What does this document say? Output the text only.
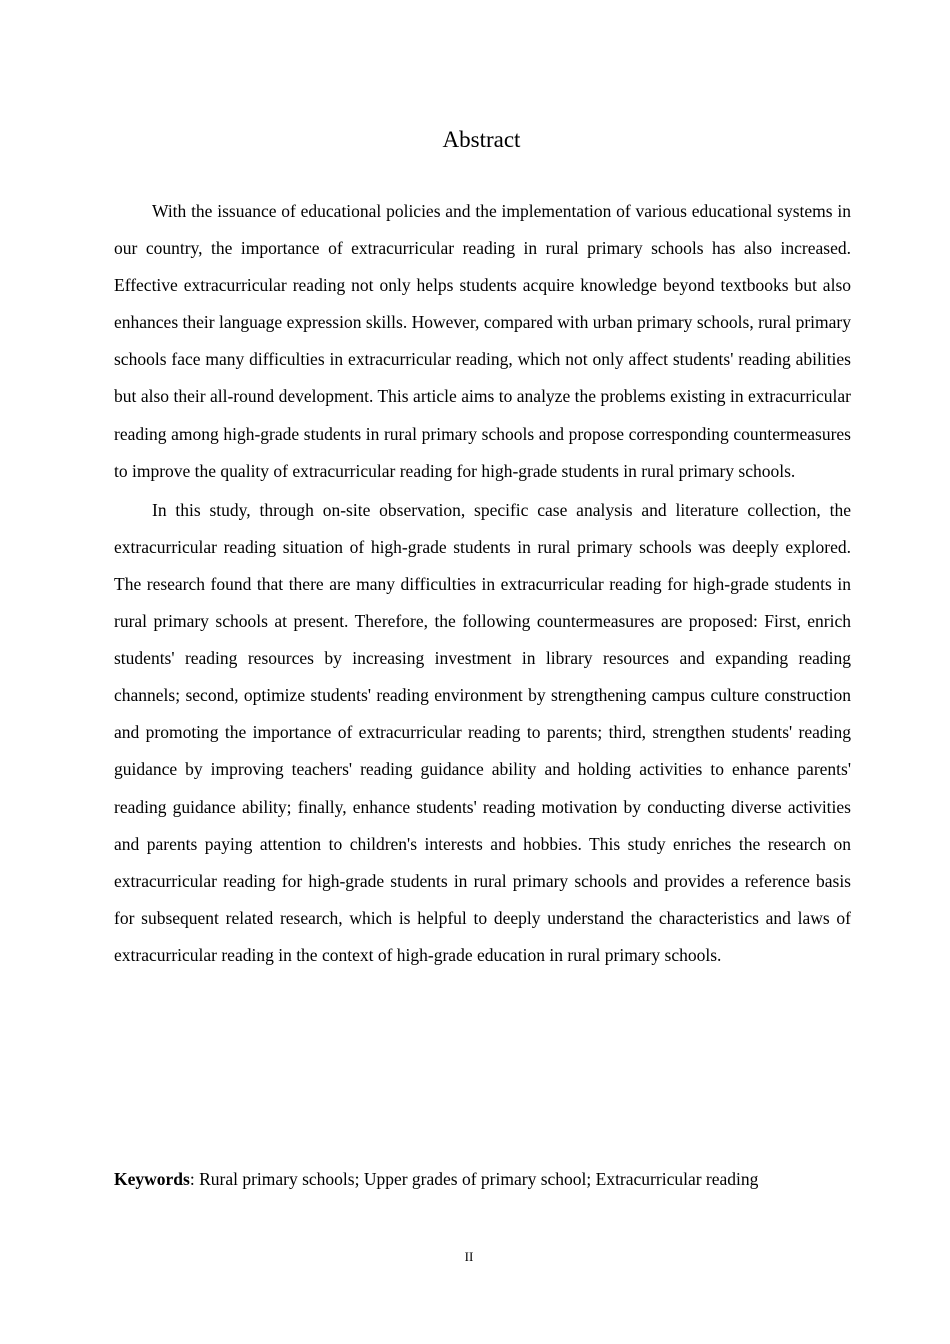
Abstract

With the issuance of educational policies and the implementation of various educational systems in our country, the importance of extracurricular reading in rural primary schools has also increased. Effective extracurricular reading not only helps students acquire knowledge beyond textbooks but also enhances their language expression skills. However, compared with urban primary schools, rural primary schools face many difficulties in extracurricular reading, which not only affect students' reading abilities but also their all-round development. This article aims to analyze the problems existing in extracurricular reading among high-grade students in rural primary schools and propose corresponding countermeasures to improve the quality of extracurricular reading for high-grade students in rural primary schools.

In this study, through on-site observation, specific case analysis and literature collection, the extracurricular reading situation of high-grade students in rural primary schools was deeply explored. The research found that there are many difficulties in extracurricular reading for high-grade students in rural primary schools at present. Therefore, the following countermeasures are proposed: First, enrich students' reading resources by increasing investment in library resources and expanding reading channels; second, optimize students' reading environment by strengthening campus culture construction and promoting the importance of extracurricular reading to parents; third, strengthen students' reading guidance by improving teachers' reading guidance ability and holding activities to enhance parents' reading guidance ability; finally, enhance students' reading motivation by conducting diverse activities and parents paying attention to children's interests and hobbies. This study enriches the research on extracurricular reading for high-grade students in rural primary schools and provides a reference basis for subsequent related research, which is helpful to deeply understand the characteristics and laws of extracurricular reading in the context of high-grade education in rural primary schools.

Keywords: Rural primary schools; Upper grades of primary school; Extracurricular reading

II
